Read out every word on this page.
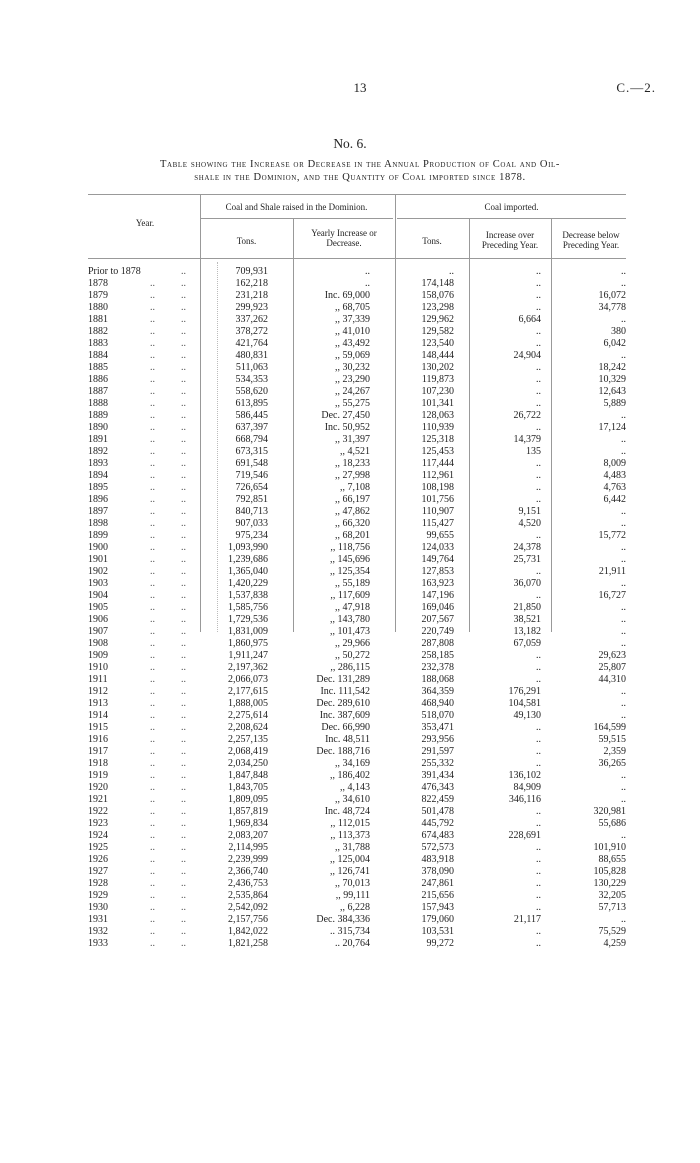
13	C.—2.
No. 6.
Table showing the Increase or Decrease in the Annual Production of Coal and Oil-
shale in the Dominion, and the Quantity of Coal imported since 1878.
Year.
Coal and Shale raised in the Dominion.	Coal imported.
Tons.
Yearly Increase or
Decrease.	Tons.
Increase over
Preceding Year.
Decrease below
Preceding Year.
Prior to 1878	..	709,931	..	..	..	..
1878	..	..	162,218	..	174,148	..	..
1879	..	..	231,218	Inc. 69,000	158,076	..	16,072
1880	..	..	299,923	,, 68,705	123,298	..	34,778
1881	..	..	337,262	,, 37,339	129,962	6,664	..
1882	..	..	378,272	,, 41,010	129,582	..	380
1883	..	..	421,764	,, 43,492	123,540	..	6,042
1884	..	..	480,831	,, 59,069	148,444	24,904	..
1885	..	..	511,063	,, 30,232	130,202	..	18,242
1886	..	..	534,353	,, 23,290	119,873	..	10,329
1887	..	..	558,620	,, 24,267	107,230	..	12,643
1888	..	..	613,895	,, 55,275	101,341	..	5,889
1889	..	..	586,445	Dec. 27,450	128,063	26,722	..
1890	..	..	637,397	Inc. 50,952	110,939	..	17,124
1891	..	..	668,794	,, 31,397	125,318	14,379	..
1892	..	..	673,315	,, 4,521	125,453	135	..
1893	..	..	691,548	,, 18,233	117,444	..	8,009
1894	..	..	719,546	,, 27,998	112,961	..	4,483
1895	..	..	726,654	,, 7,108	108,198	..	4,763
1896	..	..	792,851	,, 66,197	101,756	..	6,442
1897	..	..	840,713	,, 47,862	110,907	9,151	..
1898	..	..	907,033	,, 66,320	115,427	4,520	..
1899	..	..	975,234	,, 68,201	99,655	..	15,772
1900	..	..	1,093,990	,, 118,756	124,033	24,378	..
1901	..	..	1,239,686	,, 145,696	149,764	25,731	..
1902	..	..	1,365,040	,, 125,354	127,853	..	21,911
1903	..	..	1,420,229	,, 55,189	163,923	36,070	..
1904	..	..	1,537,838	,, 117,609	147,196	..	16,727
1905	..	..	1,585,756	,, 47,918	169,046	21,850	..
1906	..	..	1,729,536	,, 143,780	207,567	38,521	..
1907	..	..	1,831,009	,, 101,473	220,749	13,182	..
1908	..	..	1,860,975	,, 29,966	287,808	67,059	..
1909	..	..	1,911,247	,, 50,272	258,185	..	29,623
1910	..	..	2,197,362	,, 286,115	232,378	..	25,807
1911	..	..	2,066,073	Dec. 131,289	188,068	..	44,310
1912	..	..	2,177,615	Inc. 111,542	364,359	176,291	..
1913	..	..	1,888,005	Dec. 289,610	468,940	104,581	..
1914	..	..	2,275,614	Inc. 387,609	518,070	49,130	..
1915	..	..	2,208,624	Dec. 66,990	353,471	..	164,599
1916	..	..	2,257,135	Inc. 48,511	293,956	..	59,515
1917	..	..	2,068,419	Dec. 188,716	291,597	..	2,359
1918	..	..	2,034,250	,, 34,169	255,332	..	36,265
1919	..	..	1,847,848	,, 186,402	391,434	136,102	..
1920	..	..	1,843,705	,, 4,143	476,343	84,909	..
1921	..	..	1,809,095	,, 34,610	822,459	346,116	..
1922	..	..	1,857,819	Inc. 48,724	501,478	..	320,981
1923	..	..	1,969,834	,, 112,015	445,792	..	55,686
1924	..	..	2,083,207	,, 113,373	674,483	228,691	..
1925	..	..	2,114,995	,, 31,788	572,573	..	101,910
1926	..	..	2,239,999	,, 125,004	483,918	..	88,655
1927	..	..	2,366,740	,, 126,741	378,090	..	105,828
1928	..	..	2,436,753	,, 70,013	247,861	..	130,229
1929	..	..	2,535,864	,, 99,111	215,656	..	32,205
1930	..	..	2,542,092	,, 6,228	157,943	..	57,713
1931	..	..	2,157,756	Dec. 384,336	179,060	21,117	..
1932	..	..	1,842,022	.. 315,734	103,531	..	75,529
1933	..	..	1,821,258	.. 20,764	99,272	..	4,259
